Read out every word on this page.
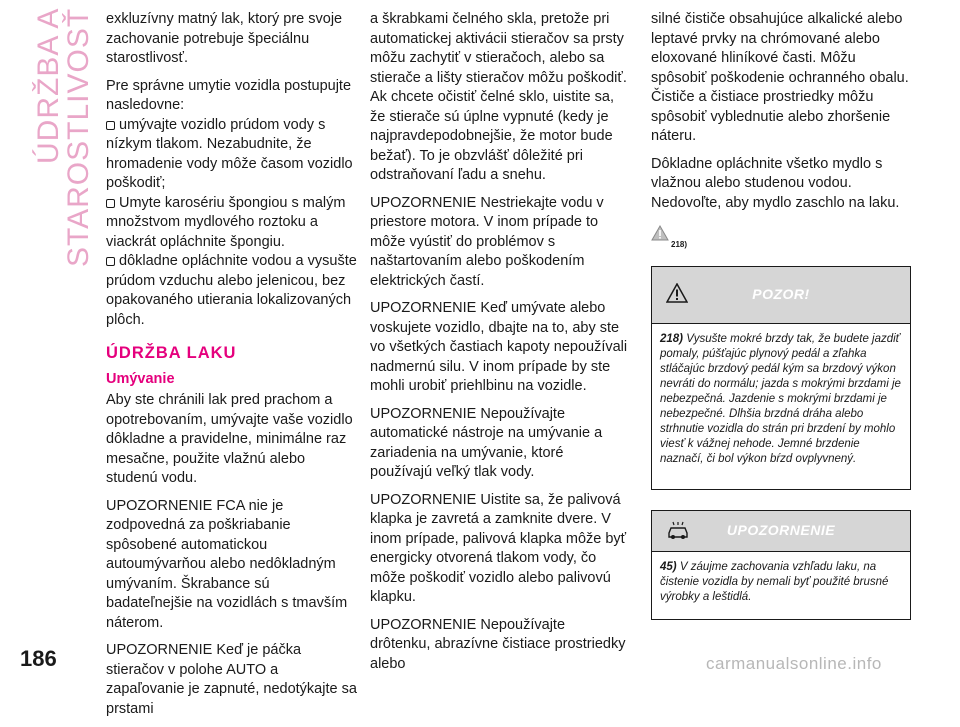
ÚDRŽBA A STAROSTLIVOSŤ
186	carmanualsonline.info

exkluzívny matný lak, ktorý pre svoje zachovanie potrebuje špeciálnu starostlivosť.

Pre správne umytie vozidla postupujte nasledovne:

umývajte vozidlo prúdom vody s nízkym tlakom. Nezabudnite, že hromadenie vody môže časom vozidlo poškodiť;
Umyte karosériu špongiou s malým množstvom mydlového roztoku a viackrát opláchnite špongiu.
dôkladne opláchnite vodou a vysušte prúdom vzduchu alebo jelenicou, bez opakovaného utierania lokalizovaných plôch.
ÚDRŽBA LAKU
Umývanie

Aby ste chránili lak pred prachom a opotrebovaním, umývajte vaše vozidlo dôkladne a pravidelne, minimálne raz mesačne, použite vlažnú alebo studenú vodu.

UPOZORNENIE FCA nie je zodpovedná za poškriabanie spôsobené automatickou autoumývarňou alebo nedôkladným umývaním. Škrabance sú badateľnejšie na vozidlách s tmavším náterom.

UPOZORNENIE Keď je páčka stieračov v polohe AUTO a zapaľovanie je zapnuté, nedotýkajte sa prstami

a škrabkami čelného skla, pretože pri automatickej aktivácii stieračov sa prsty môžu zachytiť v stieračoch, alebo sa stierače a lišty stieračov môžu poškodiť. Ak chcete očistiť čelné sklo, uistite sa, že stierače sú úplne vypnuté (kedy je najpravdepodobnejšie, že motor bude bežať). To je obzvlášť dôležité pri odstraňovaní ľadu a snehu.

UPOZORNENIE Nestriekajte vodu v priestore motora. V inom prípade to môže vyústiť do problémov s naštartovaním alebo poškodením elektrických častí.

UPOZORNENIE Keď umývate alebo voskujete vozidlo, dbajte na to, aby ste vo všetkých častiach kapoty nepoužívali nadmernú silu. V inom prípade by ste mohli urobiť priehlbinu na vozidle.

UPOZORNENIE Nepoužívajte automatické nástroje na umývanie a zariadenia na umývanie, ktoré používajú veľký tlak vody.

UPOZORNENIE Uistite sa, že palivová klapka je zavretá a zamknite dvere. V inom prípade, palivová klapka môže byť energicky otvorená tlakom vody, čo môže poškodiť vozidlo alebo palivovú klapku.

UPOZORNENIE Nepoužívajte drôtenku, abrazívne čistiace prostriedky alebo

silné čističe obsahujúce alkalické alebo leptavé prvky na chrómované alebo eloxované hliníkové časti. Môžu spôsobiť poškodenie ochranného obalu. Čističe a čistiace prostriedky môžu spôsobiť vyblednutie alebo zhoršenie náteru.

Dôkladne opláchnite všetko mydlo s vlažnou alebo studenou vodou. Nedovoľte, aby mydlo zaschlo na laku.

218)
POZOR!
218) Vysušte mokré brzdy tak, že budete jazdiť pomaly, púšťajúc plynový pedál a zľahka stláčajúc brzdový pedál kým sa brzdový výkon nevráti do normálu; jazda s mokrými brzdami je nebezpečná. Jazdenie s mokrými brzdami je nebezpečné. Dlhšia brzdná dráha alebo strhnutie vozidla do strán pri brzdení by mohlo viesť k vážnej nehode. Jemné brzdenie naznačí, či bol výkon bŕzd ovplyvnený.
UPOZORNENIE
45) V záujme zachovania vzhľadu laku, na čistenie vozidla by nemali byť použité brusné výrobky a leštidlá.
